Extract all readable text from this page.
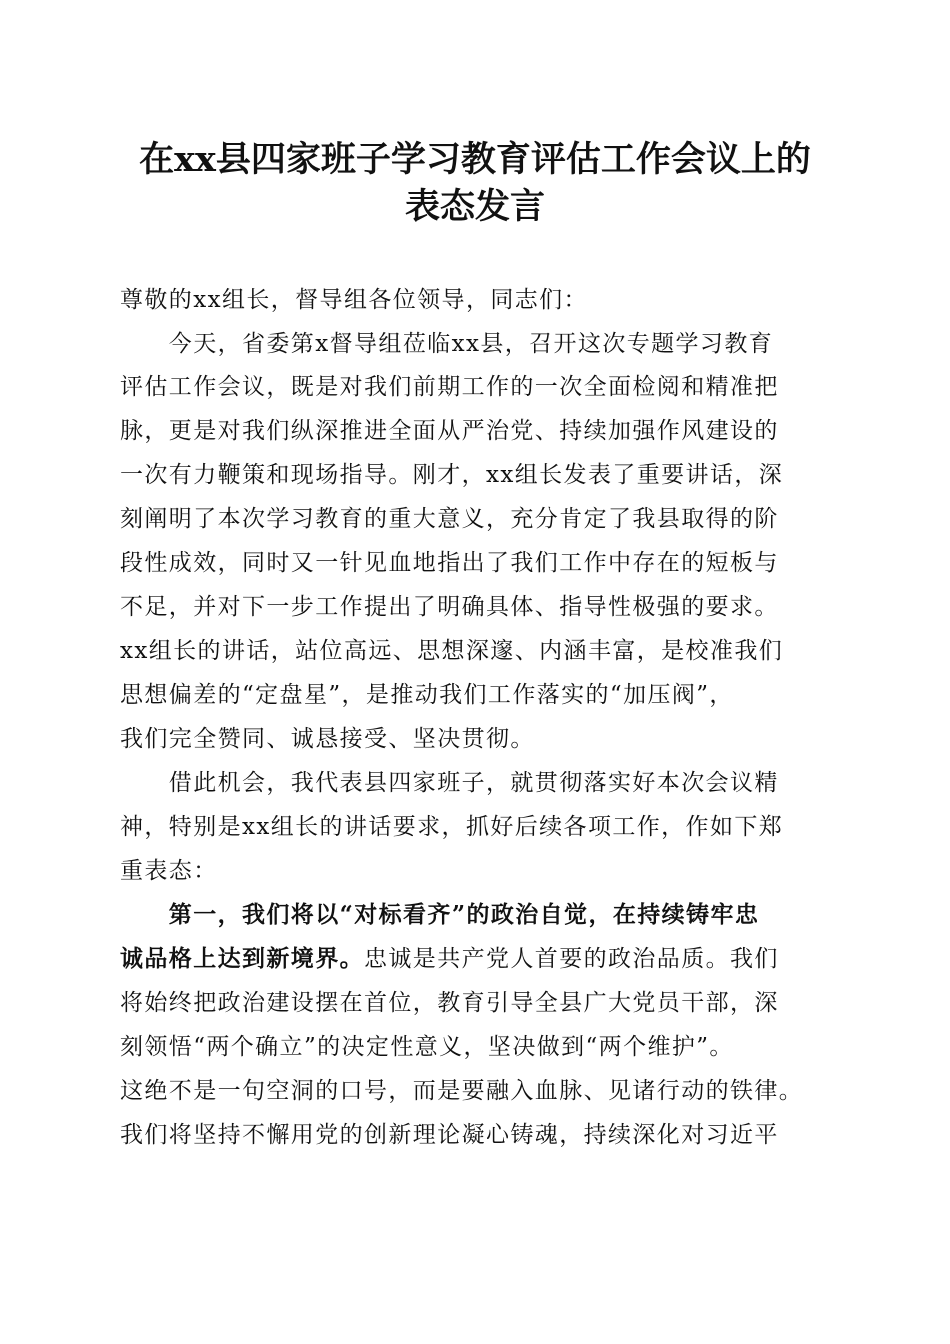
在xx县四家班子学习教育评估工作会议上的
表态发言
尊敬的xx组长，督导组各位领导，同志们：
　　今天，省委第x督导组莅临xx县，召开这次专题学习教育
评估工作会议，既是对我们前期工作的一次全面检阅和精准把
脉，更是对我们纵深推进全面从严治党、持续加强作风建设的
一次有力鞭策和现场指导。刚才，xx组长发表了重要讲话，深
刻阐明了本次学习教育的重大意义，充分肯定了我县取得的阶
段性成效，同时又一针见血地指出了我们工作中存在的短板与
不足，并对下一步工作提出了明确具体、指导性极强的要求。
xx组长的讲话，站位高远、思想深邃、内涵丰富，是校准我们
思想偏差的“定盘星”，是推动我们工作落实的“加压阀”，
我们完全赞同、诚恳接受、坚决贯彻。
　　借此机会，我代表县四家班子，就贯彻落实好本次会议精
神，特别是xx组长的讲话要求，抓好后续各项工作，作如下郑
重表态：
　　第一，我们将以“对标看齐”的政治自觉，在持续铸牢忠
诚品格上达到新境界。忠诚是共产党人首要的政治品质。我们
将始终把政治建设摆在首位，教育引导全县广大党员干部，深
刻领悟“两个确立”的决定性意义，坚决做到“两个维护”。
这绝不是一句空洞的口号，而是要融入血脉、见诸行动的铁律。
我们将坚持不懈用党的创新理论凝心铸魂，持续深化对习近平
